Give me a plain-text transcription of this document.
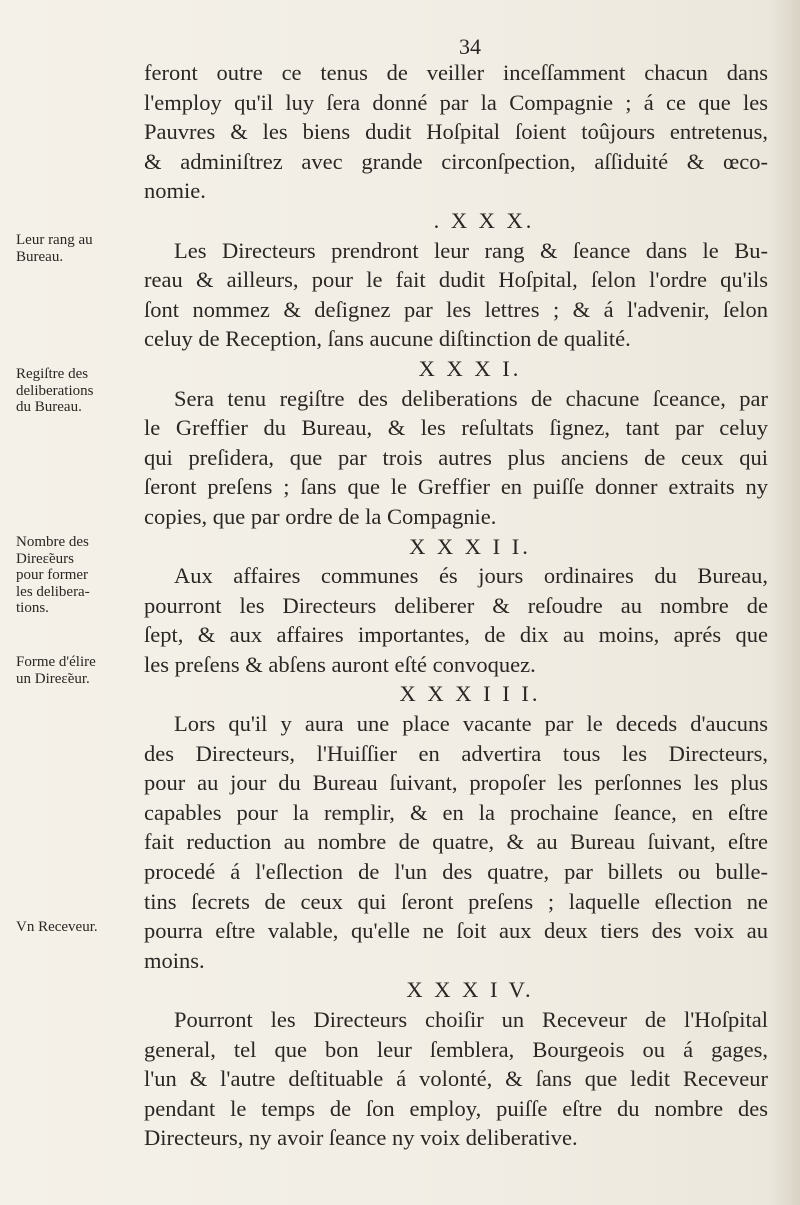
34
Leur rang au
Bureau.
Regiſtre des
deliberations
du Bureau.
Nombre des
Direɛ̃eurs
pour former
les delibera-
tions.
Forme d'élire
un Direɛ̃eur.
Vn Receveur.
feront outre ce tenus de veiller inceſſamment chacun dans
l'employ qu'il luy ſera donné par la Compagnie ; á ce que les
Pauvres & les biens dudit Hoſpital ſoient toûjours entretenus,
& adminiſtrez avec grande circonſpection, aſſiduité & œco-
nomie.
. X X X.
Les Directeurs prendront leur rang & ſeance dans le Bu-
reau & ailleurs, pour le fait dudit Hoſpital, ſelon l'ordre qu'ils
ſont nommez & deſignez par les lettres ; & á l'advenir, ſelon
celuy de Reception, ſans aucune diſtinction de qualité.
X X X I.
Sera tenu regiſtre des deliberations de chacune ſceance, par
le Greffier du Bureau, & les reſultats ſignez, tant par celuy
qui preſidera, que par trois autres plus anciens de ceux qui
ſeront preſens ; ſans que le Greffier en puiſſe donner extraits ny
copies, que par ordre de la Compagnie.
X X X I I.
Aux affaires communes és jours ordinaires du Bureau,
pourront les Directeurs deliberer & reſoudre au nombre de
ſept, & aux affaires importantes, de dix au moins, aprés que
les preſens & abſens auront eſté convoquez.
X X X I I I.
Lors qu'il y aura une place vacante par le deceds d'aucuns
des Directeurs, l'Huiſſier en advertira tous les Directeurs,
pour au jour du Bureau ſuivant, propoſer les perſonnes les plus
capables pour la remplir, & en la prochaine ſeance, en eſtre
fait reduction au nombre de quatre, & au Bureau ſuivant, eſtre
procedé á l'eſlection de l'un des quatre, par billets ou bulle-
tins ſecrets de ceux qui ſeront preſens ; laquelle eſlection ne
pourra eſtre valable, qu'elle ne ſoit aux deux tiers des voix au
moins.
X X X I V.
Pourront les Directeurs choiſir un Receveur de l'Hoſpital
general, tel que bon leur ſemblera, Bourgeois ou á gages,
l'un & l'autre deſtituable á volonté, & ſans que ledit Receveur
pendant le temps de ſon employ, puiſſe eſtre du nombre des
Directeurs, ny avoir ſeance ny voix deliberative.
